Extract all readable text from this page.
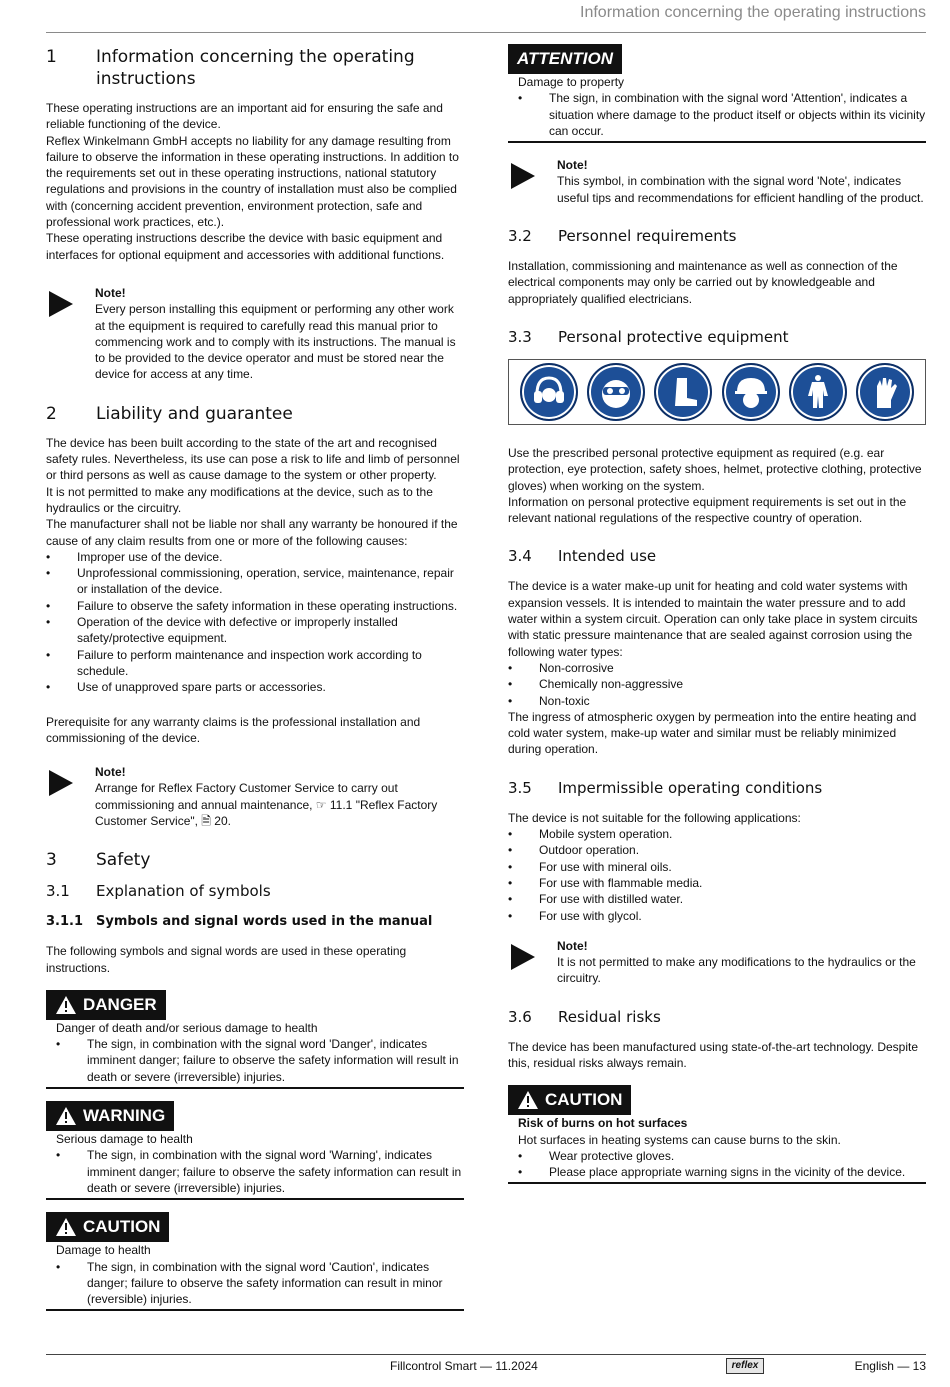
Information concerning the operating instructions
1	Information concerning the operating instructions

These operating instructions are an important aid for ensuring the safe and reliable functioning of the device.

Reflex Winkelmann GmbH accepts no liability for any damage resulting from failure to observe the information in these operating instructions. In addition to the requirements set out in these operating instructions, national statutory regulations and provisions in the country of installation must also be complied with (concerning accident prevention, environment protection, safe and professional work practices, etc.).

These operating instructions describe the device with basic equipment and interfaces for optional equipment and accessories with additional functions.

Note!

Every person installing this equipment or performing any other work at the equipment is required to carefully read this manual prior to commencing work and to comply with its instructions. The manual is to be provided to the device operator and must be stored near the device for access at any time.

2	Liability and guarantee

The device has been built according to the state of the art and recognised safety rules. Nevertheless, its use can pose a risk to life and limb of personnel or third persons as well as cause damage to the system or other property.

It is not permitted to make any modifications at the device, such as to the hydraulics or the circuitry.

The manufacturer shall not be liable nor shall any warranty be honoured if the cause of any claim results from one or more of the following causes:

• Improper use of the device.
• Unprofessional commissioning, operation, service, maintenance, repair or installation of the device.
• Failure to observe the safety information in these operating instructions.
• Operation of the device with defective or improperly installed safety/protective equipment.
• Failure to perform maintenance and inspection work according to schedule.
• Use of unapproved spare parts or accessories.

Prerequisite for any warranty claims is the professional installation and commissioning of the device.

Note!

Arrange for Reflex Factory Customer Service to carry out commissioning and annual maintenance, ☞ 11.1 "Reflex Factory Customer Service", 🗎 20.

3	Safety
3.1	Explanation of symbols
3.1.1 Symbols and signal words used in the manual

The following symbols and signal words are used in these operating instructions.

DANGER
Danger of death and/or serious damage to health
• The sign, in combination with the signal word 'Danger', indicates imminent danger; failure to observe the safety information will result in death or severe (irreversible) injuries.
WARNING
Serious damage to health
• The sign, in combination with the signal word 'Warning', indicates imminent danger; failure to observe the safety information can result in death or severe (irreversible) injuries.
CAUTION
Damage to health
• The sign, in combination with the signal word 'Caution', indicates danger; failure to observe the safety information can result in minor (reversible) injuries.
ATTENTION
Damage to property
• The sign, in combination with the signal word 'Attention', indicates a situation where damage to the product itself or objects within its vicinity can occur.
Note!

This symbol, in combination with the signal word 'Note', indicates useful tips and recommendations for efficient handling of the product.

3.2	Personnel requirements

Installation, commissioning and maintenance as well as connection of the electrical components may only be carried out by knowledgeable and appropriately qualified electricians.

3.3	Personal protective equipment

Use the prescribed personal protective equipment as required (e.g. ear protection, eye protection, safety shoes, helmet, protective clothing, protective gloves) when working on the system.

Information on personal protective equipment requirements is set out in the relevant national regulations of the respective country of operation.

3.4	Intended use

The device is a water make-up unit for heating and cold water systems with expansion vessels. It is intended to maintain the water pressure and to add water within a system circuit. Operation can only take place in system circuits with static pressure maintenance that are sealed against corrosion using the following water types:

• Non-corrosive
• Chemically non-aggressive
• Non-toxic

The ingress of atmospheric oxygen by permeation into the entire heating and cold water system, make-up water and similar must be reliably minimized during operation.

3.5	Impermissible operating conditions

The device is not suitable for the following applications:

• Mobile system operation.
• Outdoor operation.
• For use with mineral oils.
• For use with flammable media.
• For use with distilled water.
• For use with glycol.
Note!

It is not permitted to make any modifications to the hydraulics or the circuitry.

3.6	Residual risks

The device has been manufactured using state-of-the-art technology. Despite this, residual risks always remain.

CAUTION
Risk of burns on hot surfaces
Hot surfaces in heating systems can cause burns to the skin.
• Wear protective gloves.
• Please place appropriate warning signs in the vicinity of the device.
Fillcontrol Smart — 11.2024	reflex	English — 13
